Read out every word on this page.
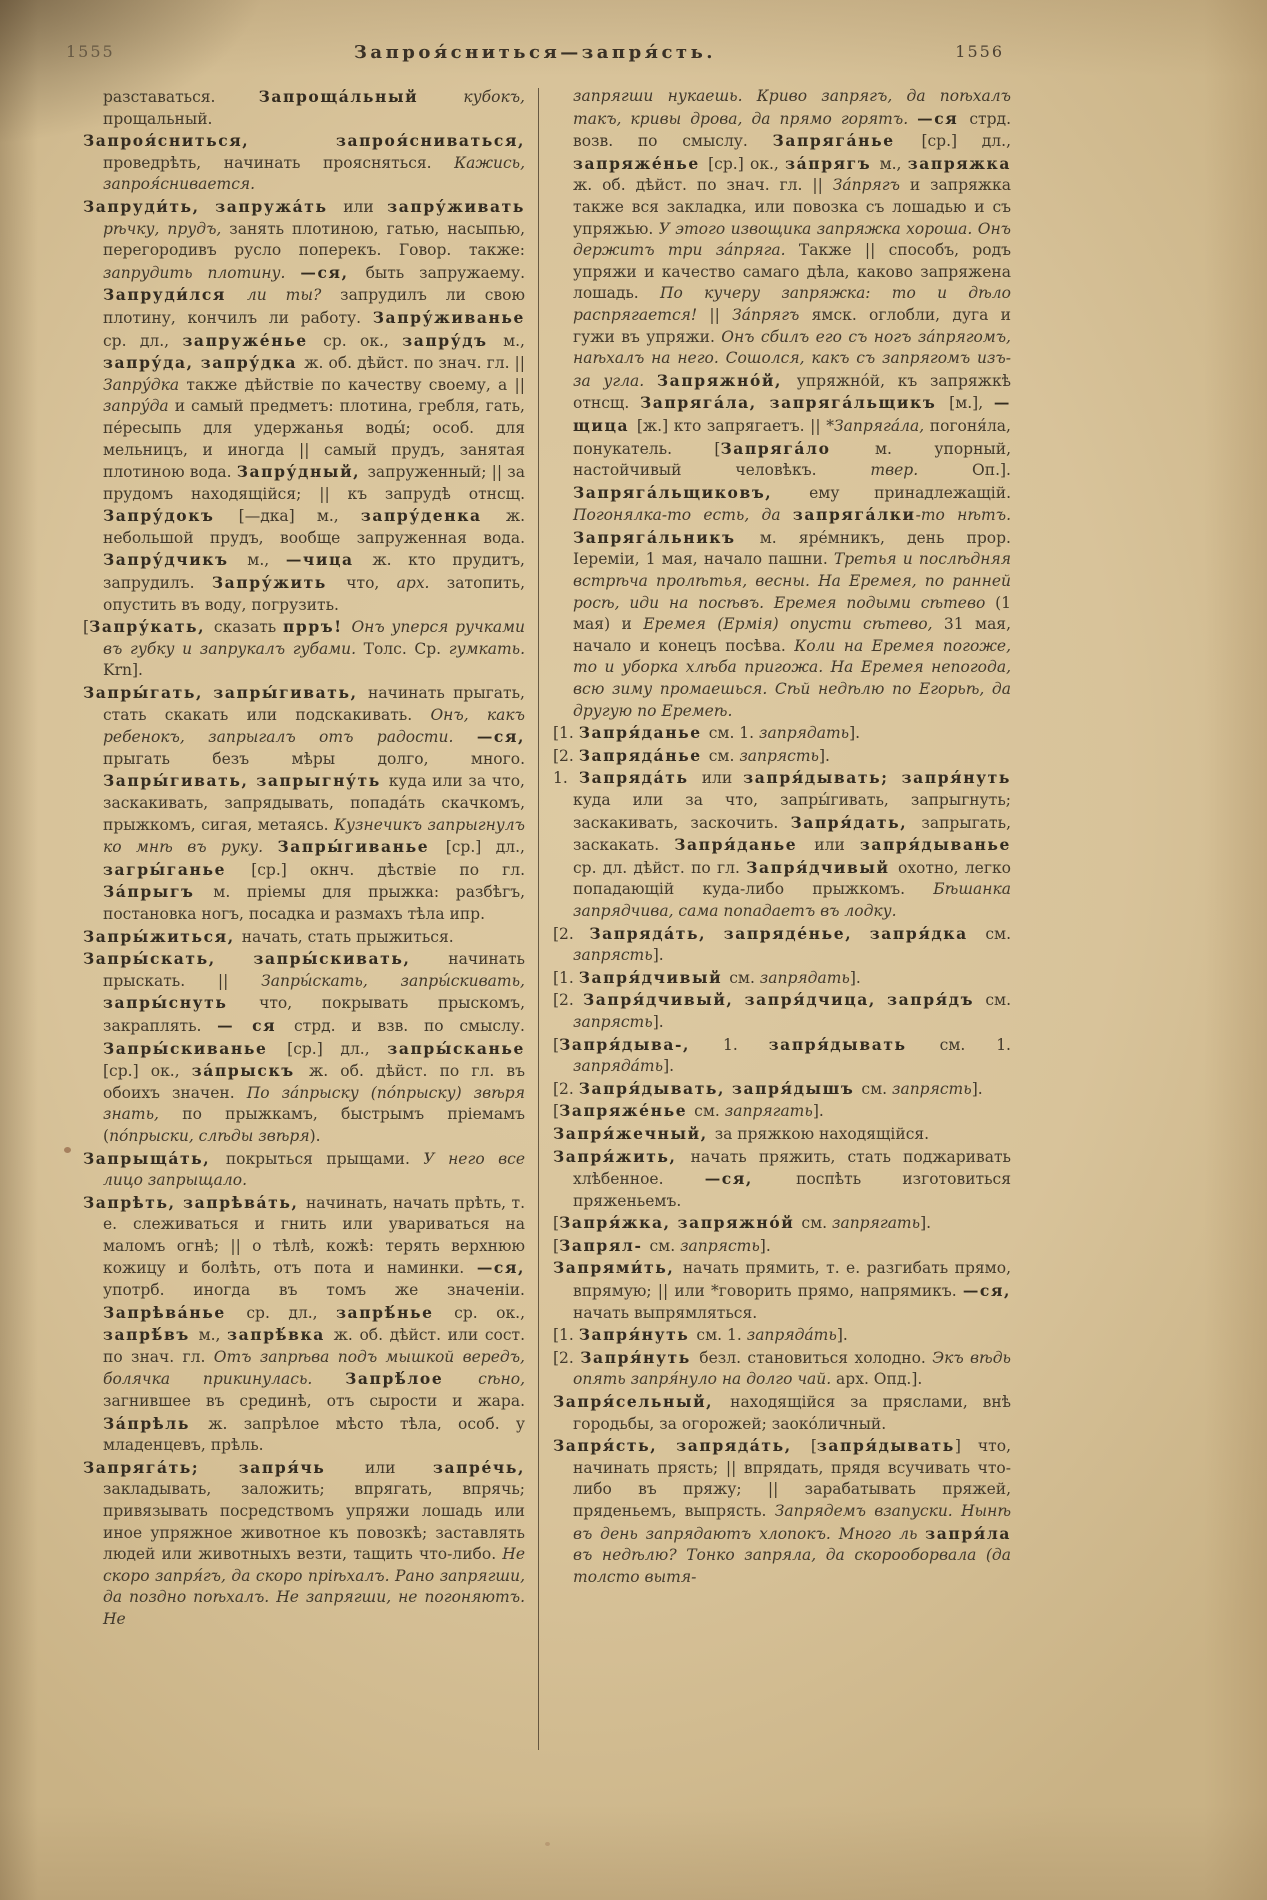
1555	Запроя́сниться—запря́сть.	1556

разставаться. Запроща́льный кубокъ, прощальный.

Запроя́сниться, запроя́сниваться, проведрѣть, начинать проясняться. Кажись, запроя́снивается.

Запруди́ть, запружа́ть или запру́живать рѣчку, прудъ, занять плотиною, гатью, насыпью, перегородивъ русло поперекъ. Говор. также: запрудить плотину. —ся, быть запружаему. Запруди́лся ли ты? запрудилъ ли свою плотину, кончилъ ли работу. Запру́живанье ср. дл., запруже́нье ср. ок., запру́дъ м., запру́да, запру́дка ж. об. дѣйст. по знач. гл. || Запру́дка также дѣйствіе по качеству своему, а || запру́да и самый предметъ: плотина, гребля, гать, пе́ресыпь для удержанья воды́; особ. для мельницъ, и иногда || самый прудъ, занятая плотиною вода. Запру́дный, запруженный; || за прудомъ находящійся; || къ запрудѣ отнсщ. Запру́докъ [—дка] м., запру́денка ж. небольшой прудъ, вообще запруженная вода. Запру́дчикъ м., —чица ж. кто прудитъ, запрудилъ. Запру́жить что, арх. затопить, опустить въ воду, погрузить.

[Запру́кать, сказать прръ! Онъ уперся ручками въ губку и запрукалъ губами. Толс. Ср. гумкать. Krn].

Запры́гать, запры́гивать, начинать прыгать, стать скакать или подскакивать. Онъ, какъ ребенокъ, запрыгалъ отъ радости. —ся, прыгать безъ мѣры долго, много. Запры́гивать, запрыгну́ть куда или за что, заскакивать, запрядывать, попада́ть скачкомъ, прыжкомъ, сигая, метаясь. Кузнечикъ запрыгнулъ ко мнѣ въ руку. Запры́гиванье [ср.] дл., загры́ганье [ср.] окнч. дѣствіе по гл. За́прыгъ м. пріемы для прыжка: разбѣгъ, постановка ногъ, посадка и размахъ тѣла ипр.

Запры́житься, начать, стать прыжиться.

Запры́скать, запры́скивать, начинать прыскать. || Запры́скать, запры́скивать, запры́снуть что, покрывать прыскомъ, закраплять. — ся стрд. и взв. по смыслу. Запры́скиванье [ср.] дл., запры́сканье [ср.] ок., за́прыскъ ж. об. дѣйст. по гл. въ обоихъ значен. По за́прыску (по́прыску) звѣря знать, по прыжкамъ, быстрымъ пріемамъ (по́прыски, слѣды звѣря).

Запрыща́ть, покрыться прыщами. У него все лицо запрыщало.

Запрѣть, запрѣва́ть, начинать, начать прѣть, т. е. слеживаться и гнить или увариваться на маломъ огнѣ; || о тѣлѣ, кожѣ: терять верхнюю кожицу и болѣть, отъ пота и наминки. —ся, употрб. иногда въ томъ же значеніи. Запрѣва́нье ср. дл., запрѣ́нье ср. ок., запрѣ́въ м., запрѣ́вка ж. об. дѣйст. или сост. по знач. гл. Отъ запрѣва подъ мышкой вередъ, болячка прикинулась. Запрѣ́лое сѣно, загнившее въ срединѣ, отъ сырости и жара. За́прѣль ж. запрѣлое мѣсто тѣла, особ. у младенцевъ, прѣль.

Запряга́ть; запря́чь или запре́чь, закладывать, заложить; впрягать, впрячь; привязывать посредствомъ упряжи лошадь или иное упряжное животное къ повозкѣ; заставлять людей или животныхъ везти, тащить что-либо. Не скоро запря́гъ, да скоро пріѣхалъ. Рано запрягши, да поздно поѣхалъ. Не запрягши, не погоняютъ. Не

запрягши нукаешь. Криво запрягъ, да поѣхалъ такъ, кривы дрова, да прямо горятъ. —ся стрд. возв. по смыслу. Запряга́нье [ср.] дл., запряже́нье [ср.] ок., за́прягъ м., запряжка ж. об. дѣйст. по знач. гл. || За́прягъ и запряжка также вся закладка, или повозка съ лошадью и съ упряжью. У этого извощика запряжка хороша. Онъ держитъ три за́пряга. Также || способъ, родъ упряжи и качество самаго дѣла, каково запряжена лошадь. По кучеру запряжка: то и дѣло распрягается! || За́прягъ ямск. оглобли, дуга и гужи въ упряжи. Онъ сбилъ его съ ногъ за́прягомъ, наѣхалъ на него. Сошолся, какъ съ запрягомъ изъ-за угла. Запряжно́й, упряжно́й, къ запряжкѣ отнсщ. Запряга́ла, запряга́льщикъ [м.], —щица [ж.] кто запрягаетъ. || *Запряга́ла, погоня́ла, понукатель. [Запряга́ло м. упорный, настойчивый человѣкъ. твер. Оп.]. Запряга́льщиковъ, ему принадлежащій. Погонялка-то есть, да запряга́лки-то нѣтъ. Запряга́льникъ м. яре́мникъ, день прор. Іереміи, 1 мая, начало пашни. Третья и послѣдняя встрѣча пролѣтья, весны. На Еремея, по ранней росѣ, иди на посѣвъ. Еремея подыми сѣтево (1 мая) и Еремея (Ермія) опусти сѣтево, 31 мая, начало и конецъ посѣва. Коли на Еремея погоже, то и уборка хлѣба пригожа. На Еремея непогода, всю зиму промаешься. Сѣй недѣлю по Егорьѣ, да другую по Еремеѣ.

[1. Запря́данье см. 1. запрядать].

[2. Запряда́нье см. запрясть].

1. Запряда́ть или запря́дывать; запря́нуть куда или за что, запры́гивать, запрыгнуть; заскакивать, заскочить. Запря́дать, запрыгать, заскакать. Запря́данье или запря́дыванье ср. дл. дѣйст. по гл. Запря́дчивый охотно, легко попадающій куда-либо прыжкомъ. Бѣшанка запрядчива, сама попадаетъ въ лодку.

[2. Запряда́ть, запряде́нье, запря́дка см. запрясть].

[1. Запря́дчивый см. запрядать].

[2. Запря́дчивый, запря́дчица, запря́дъ см. запрясть].

[Запря́дыва-, 1. запря́дывать см. 1. запряда́ть].

[2. Запря́дывать, запря́дышъ см. запрясть].

[Запряже́нье см. запрягать].

Запря́жечный, за пряжкою находящійся.

Запря́жить, начать пряжить, стать поджаривать хлѣбенное. —ся, поспѣть изготовиться пряженьемъ.

[Запря́жка, запряжно́й см. запрягать].

[Запрял- см. запрясть].

Запрями́ть, начать прямить, т. е. разгибать прямо, впрямую; || или *говорить прямо, напрямикъ. —ся, начать выпрямляться.

[1. Запря́нуть см. 1. запряда́ть].

[2. Запря́нуть безл. становиться холодно. Экъ вѣдь опять запря́нуло на долго чай. арх. Опд.].

Запря́сельный, находящійся за пряслами, внѣ городьбы, за огорожей; заоко́личный.

Запря́сть, запряда́ть, [запря́дывать] что, начинать прясть; || впрядать, прядя всучивать что-либо въ пряжу; || зарабатывать пряжей, пряденьемъ, выпрясть. Запрядемъ взапуски. Нынѣ въ день запрядаютъ хлопокъ. Много ль запря́ла въ недѣлю? Тонко запряла, да скорооборвала (да толсто вытя-
